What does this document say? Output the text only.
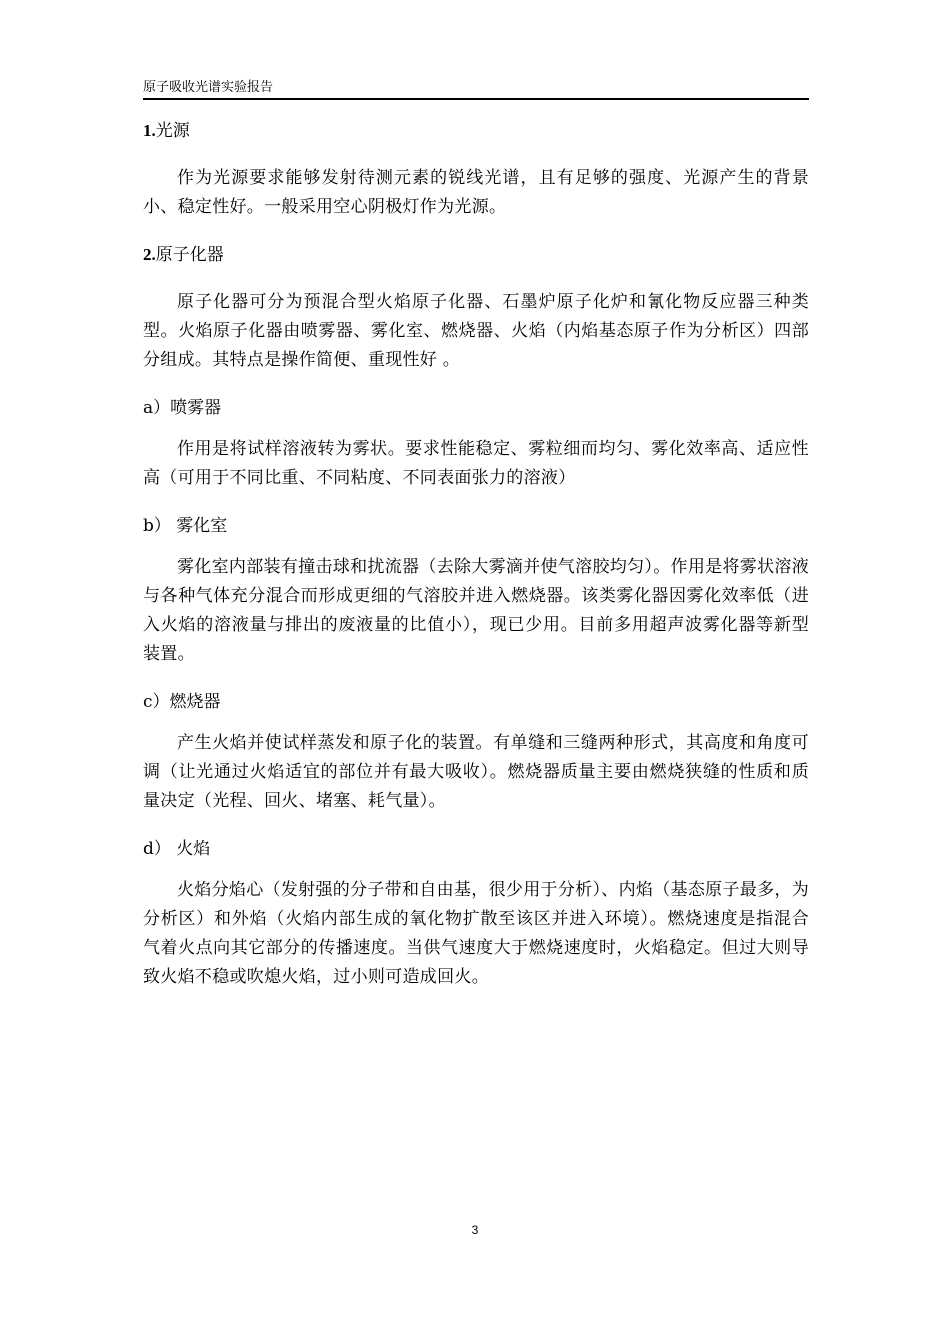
原子吸收光谱实验报告
1.光源

作为光源要求能够发射待测元素的锐线光谱，且有足够的强度、光源产生的背景小、稳定性好。一般采用空心阴极灯作为光源。

2.原子化器

原子化器可分为预混合型火焰原子化器、石墨炉原子化炉和氰化物反应器三种类型。火焰原子化器由喷雾器、雾化室、燃烧器、火焰（内焰基态原子作为分析区）四部分组成。其特点是操作简便、重现性好 。

a）喷雾器

作用是将试样溶液转为雾状。要求性能稳定、雾粒细而均匀、雾化效率高、适应性高（可用于不同比重、不同粘度、不同表面张力的溶液）

b） 雾化室

雾化室内部装有撞击球和扰流器（去除大雾滴并使气溶胶均匀）。作用是将雾状溶液与各种气体充分混合而形成更细的气溶胶并进入燃烧器。该类雾化器因雾化效率低（进入火焰的溶液量与排出的废液量的比值小），现已少用。目前多用超声波雾化器等新型装置。

c）燃烧器

产生火焰并使试样蒸发和原子化的装置。有单缝和三缝两种形式，其高度和角度可调（让光通过火焰适宜的部位并有最大吸收）。燃烧器质量主要由燃烧狭缝的性质和质量决定（光程、回火、堵塞、耗气量）。

d） 火焰

火焰分焰心（发射强的分子带和自由基，很少用于分析）、内焰（基态原子最多，为分析区）和外焰（火焰内部生成的氧化物扩散至该区并进入环境）。燃烧速度是指混合气着火点向其它部分的传播速度。当供气速度大于燃烧速度时，火焰稳定。但过大则导致火焰不稳或吹熄火焰，过小则可造成回火。

3
